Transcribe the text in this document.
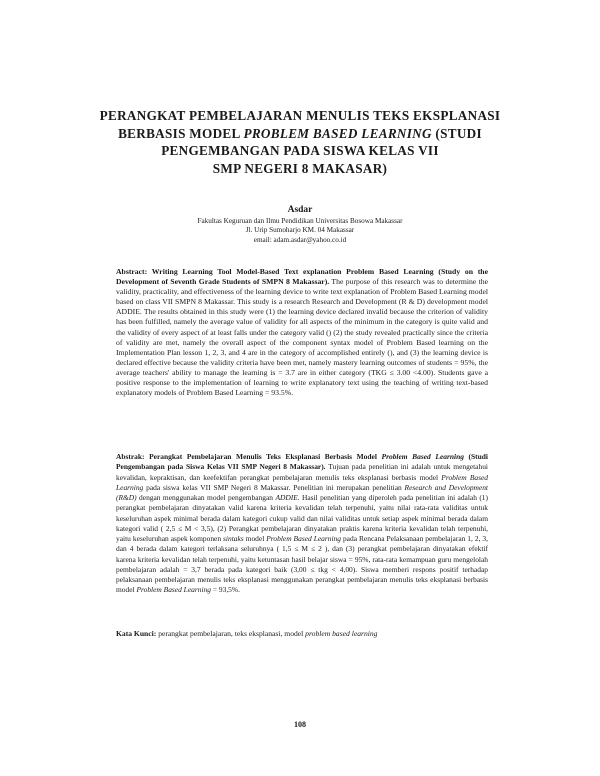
PERANGKAT PEMBELAJARAN MENULIS TEKS EKSPLANASI
BERBASIS MODEL PROBLEM BASED LEARNING (STUDI
PENGEMBANGAN PADA SISWA KELAS VII
SMP NEGERI 8 MAKASAR)
Asdar
Fakultas Keguruan dan Ilmu Pendidikan Universitas Bosowa Makassar
Jl. Urip Sumoharjo KM. 04 Makassar
email: adam.asdar@yahoo.co.id
Abstract: Writing Learning Tool Model-Based Text explanation Problem Based Learning (Study on the Development of Seventh Grade Students of SMPN 8 Makassar). The purpose of this research was to determine the validity, practicality, and effectiveness of the learning device to write text explanation of Problem Based Learning model based on class VII SMPN 8 Makassar. This study is a research Research and Development (R & D) development model ADDIE. The results obtained in this study were (1) the learning device declared invalid because the criterion of validity has been fulfilled, namely the average value of validity for all aspects of the minimum in the category is quite valid and the validity of every aspect of at least falls under the category valid () (2) the study revealed practically since the criteria of validity are met, namely the overall aspect of the component syntax model of Problem Based learning on the Implementation Plan lesson 1, 2, 3, and 4 are in the category of accomplished entirely (), and (3) the learning device is declared effective because the validity criteria have been met, namely mastery learning outcomes of students = 95%, the average teachers' ability to manage the learning is = 3.7 are in either category (TKG ≤ 3.00 <4.00). Students gave a positive response to the implementation of learning to write explanatory text using the teaching of writing text-based explanatory models of Problem Based Learning = 93.5%.
Abstrak: Perangkat Pembelajaran Menulis Teks Eksplanasi Berbasis Model Problem Based Learning (Studi Pengembangan pada Siswa Kelas VII SMP Negeri 8 Makassar). Tujuan pada penelitian ini adalah untuk mengetahui kevalidan, kepraktisan, dan keefektifan perangkat pembelajaran menulis teks eksplanasi berbasis model Problem Based Learning pada siswa kelas VII SMP Negeri 8 Makassar. Penelitian ini merupakan penelitian Research and Development (R&D) dengan menggunakan model pengembangan ADDIE. Hasil penelitian yang diperoleh pada penelitian ini adalah (1) perangkat pembelajaran dinyatakan valid karena kriteria kevalidan telah terpenuhi, yaitu nilai rata-rata validitas untuk keseluruhan aspek minimal berada dalam kategori cukup valid dan nilai validitas untuk setiap aspek minimal berada dalam kategori valid ( 2,5 ≤ M < 3,5), (2) Perangkat pembelajaran dinyatakan praktis karena kriteria kevalidan telah terpenuhi, yaitu keseluruhan aspek komponen sintaks model Problem Based Learning pada Rencana Pelaksanaan pembelajaran 1, 2, 3, dan 4 berada dalam kategori terlaksana seluruhnya ( 1,5 ≤ M ≤ 2 ), dan (3) perangkat pembelajaran dinyatakan efektif karena kriteria kevalidan telah terpenuhi, yaitu ketuntasan hasil belajar siswa = 95%, rata-rata kemampuan guru mengelolah pembelajaran adalah = 3,7 berada pada kategori baik (3,00 ≤ tkg < 4,00). Siswa memberi respons positif terhadap pelaksanaan pembelajaran menulis teks eksplanasi menggunakan perangkat pembelajaran menulis teks eksplanasi berbasis model Problem Based Learning = 93,5%.
Kata Kunci: perangkat pembelajaran, teks eksplanasi, model problem based learning
108
